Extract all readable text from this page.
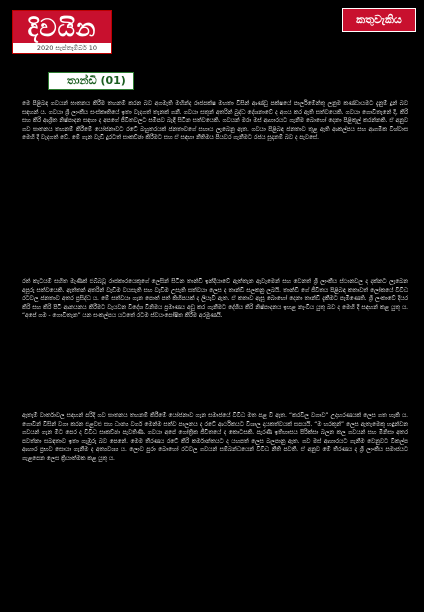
දිවයින
2020 සැප්තැම්බර් 10
කතුවැකිය
තාන්ඩි (01)

මෙ පිළිබඳ ගවයන් ඝාතනය කිරීම තහනම් කරන බව අගමැති මහින්ද රාජපක්ෂ මහතා විසින් ආණ්ඩු පක්ෂයේ පාර්ලිමේන්තු ලනුම කණ්ඩායමට දැනුම් දුන් බව සඳහන් ය. ගවයා ශ්‍රී ලාංකීය සංස්කෘතියේ ඉතා වැදගත් තැනක් ගනී. ගවයා සතුන් අතරින් බුද්ධ දේශනාවේ ද අගය කර ඇති සත්වයෙකි. ගවයා ගොවිතැනේ දී, කිරි සහ කිරි ආශ්‍රිත නිෂ්පාදන සඳහා ද අපගේ ජීවිතවලට සමීපව බැඳී සිටින සත්වයෙකි. ගවයන් මරා මස් ආහාරයට ගැනීම බොහෝ දෙනා පිළිකුල් කරන්නකි. ඒ අනුව ගව ඝාතනය තහනම් කිරීමේ යෝජනාවට රටේ බහුතරයක් ජනතාවගේ සහාය ලැබෙනු ඇත. ගවයා පිළිබඳ ජනතාව තුළ ඇති ආකල්පය සහ ආගමික විශ්වාස මෙහි දී වැදගත් වේ. මේ ගැන වැඩි දුරටත් සාකච්ඡා කිරීමට සහ ඒ සඳහා නීතිමය පියවර ගැනීමට රජය සූදානම් බව ද පැවසේ.

රත් කැටයම් සහිත මැණික් එබ්බවූ රාජකාරයෙකුගේ ලෙසින් සිටින තාන්ඩි ඉන්දියාවේ ඇත්තැන ඇවෑමෙන් සහ වෙනත් ශ්‍රී ලාංකීය ස්ථානවල ද දක්නට ලැබෙන අපූරු සත්වයෙකි. ඇත්තන් අතරින් වැඩිම වයසැති සහ වැඩිම උසැති සත්වයා ලෙස ද තාන්ඩි සලකනු ලබයි. තාන්ඩි ගේ ජීවිතය පිළිබඳ කතාවත් ලෝකයේ විවිධ රටවල ජනතාව අතර ප්‍රසිද්ධ ය. මේ සත්වයා ගැන පොත් පත් කිහිපයක් ද ලියැවී ඇත. ඒ කතාව ඇසූ බොහෝ දෙනා තාන්ඩි දැකීමට පැමිණෙති. ශ්‍රී ලංකාවේ දියර කිරි සහ කිරි පිටි ආනයනය කිරීමට වැයවන විදේශ විනිමය ප්‍රමාණය අඩු කර ගැනීමට දේශීය කිරි නිෂ්පාදනය ඉහළ නැංවිය යුතු බව ද මෙහි දී සඳහන් කළ යුතු ය. “අපේ ගම - ගොවිතැන” යන සංකල්පය යටතේ රටම ස්වයංපෝෂිත කිරීම අරමුණයි.

ඇතැම් වාර්තාවල සඳහන් පරිදි ගව ඝාතනය තහනම් කිරීමේ යෝජනාව ගැන සමාජයේ විවිධ මත පළ වී ඇත. “කරවිල වගාව” උදාහරණයක් ලෙස ගත හැකි ය. ගොවීන් විසින් වගා කරන එළවළු සහ ධාන්‍ය වර්ග මෙන්ම සත්ව පාලනය ද රටේ ආර්ථිකයට විශාල දායකත්වයක් සපයයි. “ම හරකුන්” ලෙස ඇතැමෙකු හඳුන්වන ගවයන් ගැන මීට පෙර ද විවිධ සාකච්ඡා පැවතිණි. ගවයා අපේ ගෝත්‍රික ජීවිතයේ ද කොටසකි. පැරණි ඉතිහාසය පිරික්සා බලන කල ගවයන් සහ මිනිසා අතර පවත්නා සබඳතාව ඉතා ගැඹුරු බව පෙනේ. මෙම තීරණය රටේ කිරි කර්මාන්තයට ද යහපත් ලෙස බලපානු ඇත. ගව මස් ආහාරයට ගැනීම වෙනුවට විකල්ප ආහාර ප්‍රභව සොයා ගැනීම ද අත්‍යවශ්‍ය ය. ලොව පුරා බොහෝ රටවල ගවයන් සම්බන්ධයෙන් විවිධ නීති පවතී. ඒ අනුව මේ තීරණය ද ශ්‍රී ලාංකීය සමාජයට ගැළපෙන ලෙස ක්‍රියාත්මක කළ යුතු ය.
